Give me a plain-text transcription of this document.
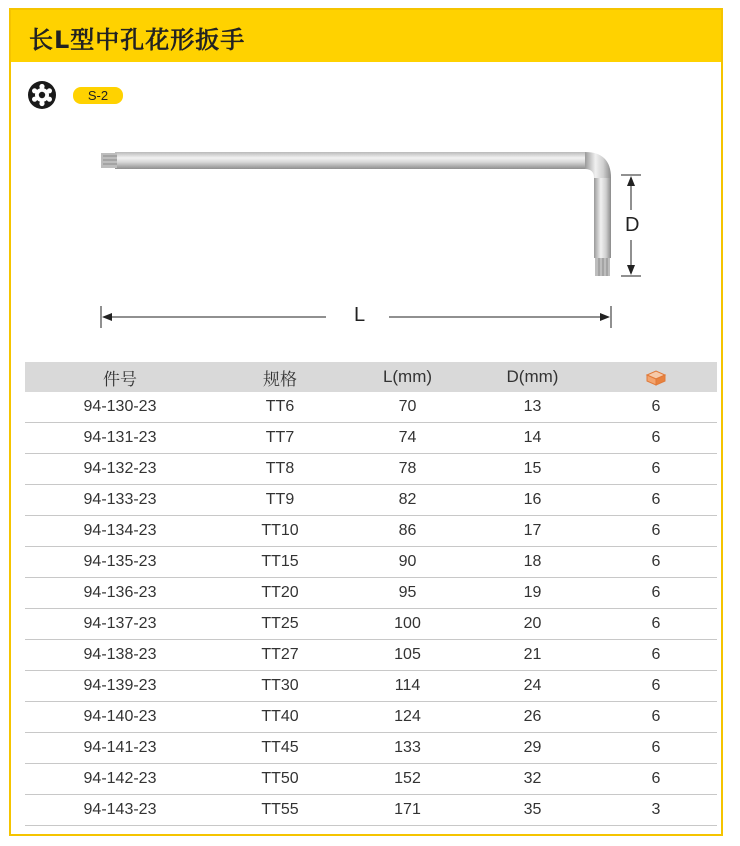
长L型中孔花形扳手
S-2
D
L
件号	规格	L(mm)	D(mm)	
94-130-23	TT6	70	13	6
94-131-23	TT7	74	14	6
94-132-23	TT8	78	15	6
94-133-23	TT9	82	16	6
94-134-23	TT10	86	17	6
94-135-23	TT15	90	18	6
94-136-23	TT20	95	19	6
94-137-23	TT25	100	20	6
94-138-23	TT27	105	21	6
94-139-23	TT30	114	24	6
94-140-23	TT40	124	26	6
94-141-23	TT45	133	29	6
94-142-23	TT50	152	32	6
94-143-23	TT55	171	35	3
